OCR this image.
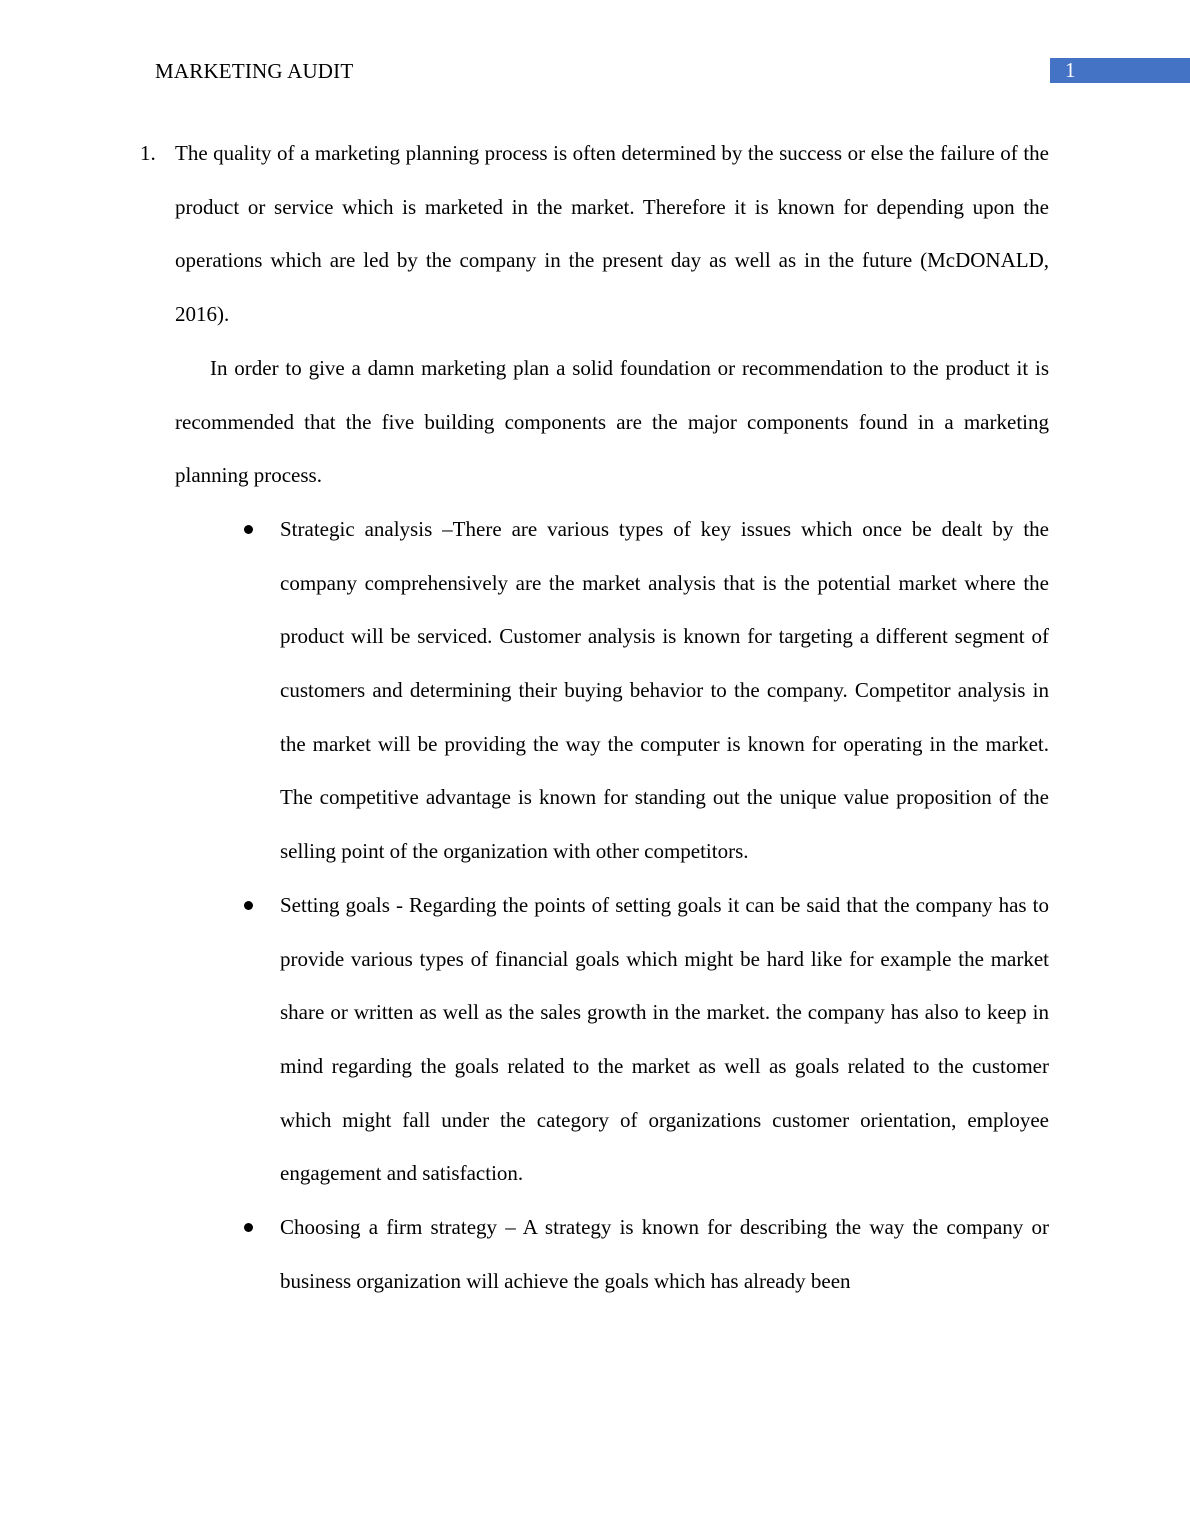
MARKETING AUDIT	1
1. The quality of a marketing planning process is often determined by the success or else the failure of the product or service which is marketed in the market. Therefore it is known for depending upon the operations which are led by the company in the present day as well as in the future (McDONALD, 2016).

In order to give a damn marketing plan a solid foundation or recommendation to the product it is recommended that the five building components are the major components found in a marketing planning process.

Strategic analysis –There are various types of key issues which once be dealt by the company comprehensively are the market analysis that is the potential market where the product will be serviced. Customer analysis is known for targeting a different segment of customers and determining their buying behavior to the company. Competitor analysis in the market will be providing the way the computer is known for operating in the market. The competitive advantage is known for standing out the unique value proposition of the selling point of the organization with other competitors.

Setting goals - Regarding the points of setting goals it can be said that the company has to provide various types of financial goals which might be hard like for example the market share or written as well as the sales growth in the market. the company has also to keep in mind regarding the goals related to the market as well as goals related to the customer which might fall under the category of organizations customer orientation, employee engagement and satisfaction.

Choosing a firm strategy – A strategy is known for describing the way the company or business organization will achieve the goals which has already been
